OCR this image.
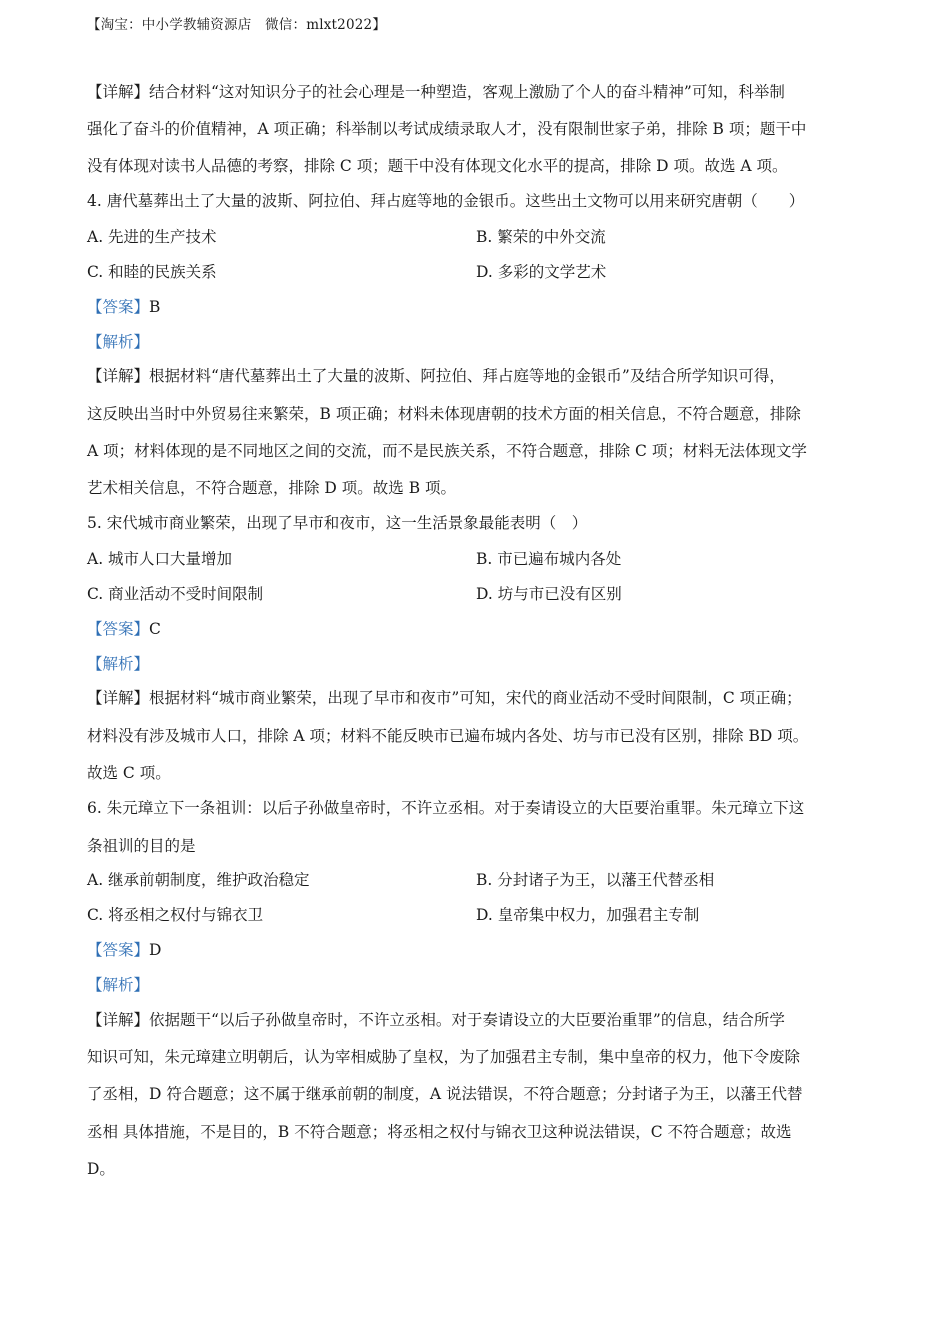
【淘宝：中小学教辅资源店　微信：mlxt2022】
【详解】结合材料“这对知识分子的社会心理是一种塑造，客观上激励了个人的奋斗精神”可知，科举制
强化了奋斗的价值精神，A 项正确；科举制以考试成绩录取人才，没有限制世家子弟，排除 B 项；题干中
没有体现对读书人品德的考察，排除 C 项；题干中没有体现文化水平的提高，排除 D 项。故选 A 项。
4. 唐代墓葬出土了大量的波斯、阿拉伯、拜占庭等地的金银币。这些出土文物可以用来研究唐朝（　　）
A. 先进的生产技术	B. 繁荣的中外交流
C. 和睦的民族关系	D. 多彩的文学艺术
【答案】B
【解析】
【详解】根据材料“唐代墓葬出土了大量的波斯、阿拉伯、拜占庭等地的金银币”及结合所学知识可得，
这反映出当时中外贸易往来繁荣，B 项正确；材料未体现唐朝的技术方面的相关信息，不符合题意，排除
A 项；材料体现的是不同地区之间的交流，而不是民族关系，不符合题意，排除 C 项；材料无法体现文学
艺术相关信息，不符合题意，排除 D 项。故选 B 项。
5. 宋代城市商业繁荣，出现了早市和夜市，这一生活景象最能表明（　）
A. 城市人口大量增加	B. 市已遍布城内各处
C. 商业活动不受时间限制	D. 坊与市已没有区别
【答案】C
【解析】
【详解】根据材料“城市商业繁荣，出现了早市和夜市”可知，宋代的商业活动不受时间限制，C 项正确；
材料没有涉及城市人口，排除 A 项；材料不能反映市已遍布城内各处、坊与市已没有区别，排除 BD 项。
故选 C 项。
6. 朱元璋立下一条祖训：以后子孙做皇帝时，不许立丞相。对于奏请设立的大臣要治重罪。朱元璋立下这
条祖训的目的是
A. 继承前朝制度，维护政治稳定	B. 分封诸子为王，以藩王代替丞相
C. 将丞相之权付与锦衣卫	D. 皇帝集中权力，加强君主专制
【答案】D
【解析】
【详解】依据题干“以后子孙做皇帝时，不许立丞相。对于奏请设立的大臣要治重罪”的信息，结合所学
知识可知，朱元璋建立明朝后，认为宰相威胁了皇权，为了加强君主专制，集中皇帝的权力，他下令废除
了丞相，D 符合题意；这不属于继承前朝的制度，A 说法错误，不符合题意；分封诸子为王，以藩王代替
丞相 具体措施，不是目的，B 不符合题意；将丞相之权付与锦衣卫这种说法错误，C 不符合题意；故选
D。
